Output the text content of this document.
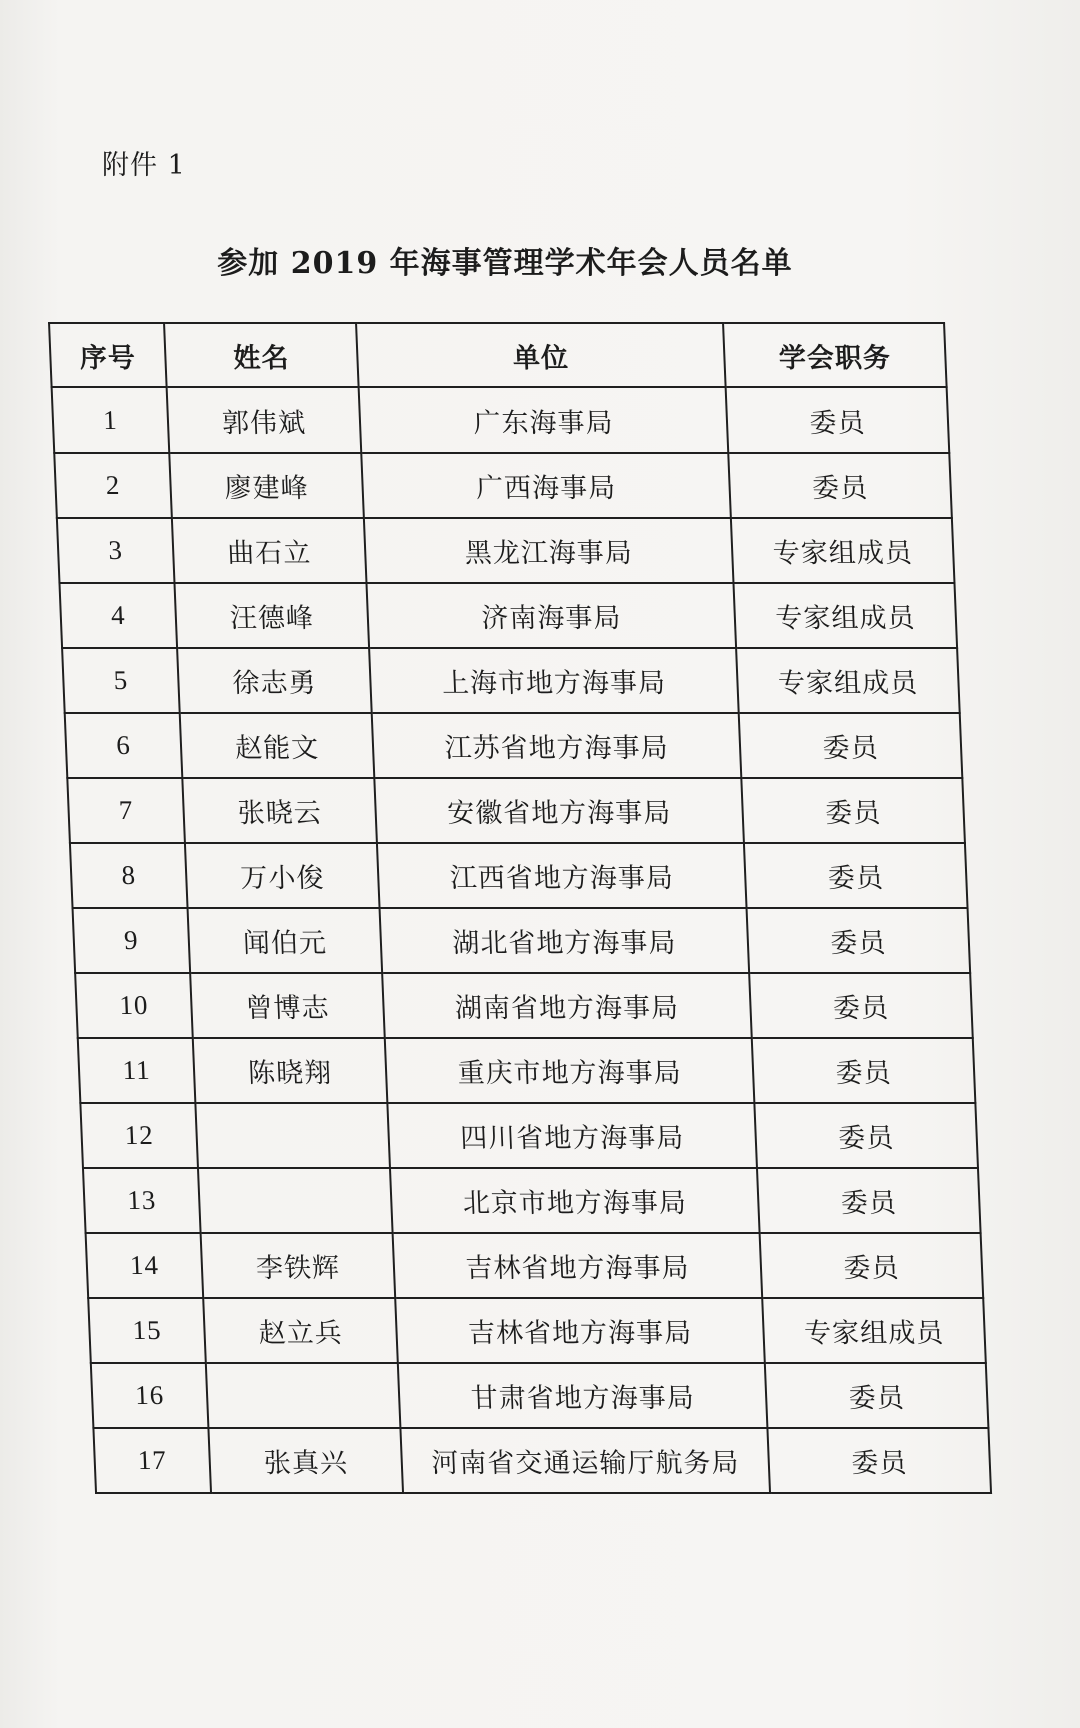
附件 1
参加 2019 年海事管理学术年会人员名单
序号	姓名	单位	学会职务
1	郭伟斌	广东海事局	委员
2	廖建峰	广西海事局	委员
3	曲石立	黑龙江海事局	专家组成员
4	汪德峰	济南海事局	专家组成员
5	徐志勇	上海市地方海事局	专家组成员
6	赵能文	江苏省地方海事局	委员
7	张晓云	安徽省地方海事局	委员
8	万小俊	江西省地方海事局	委员
9	闻伯元	湖北省地方海事局	委员
10	曾博志	湖南省地方海事局	委员
11	陈晓翔	重庆市地方海事局	委员
12		四川省地方海事局	委员
13		北京市地方海事局	委员
14	李铁辉	吉林省地方海事局	委员
15	赵立兵	吉林省地方海事局	专家组成员
16		甘肃省地方海事局	委员
17	张真兴	河南省交通运输厅航务局	委员
